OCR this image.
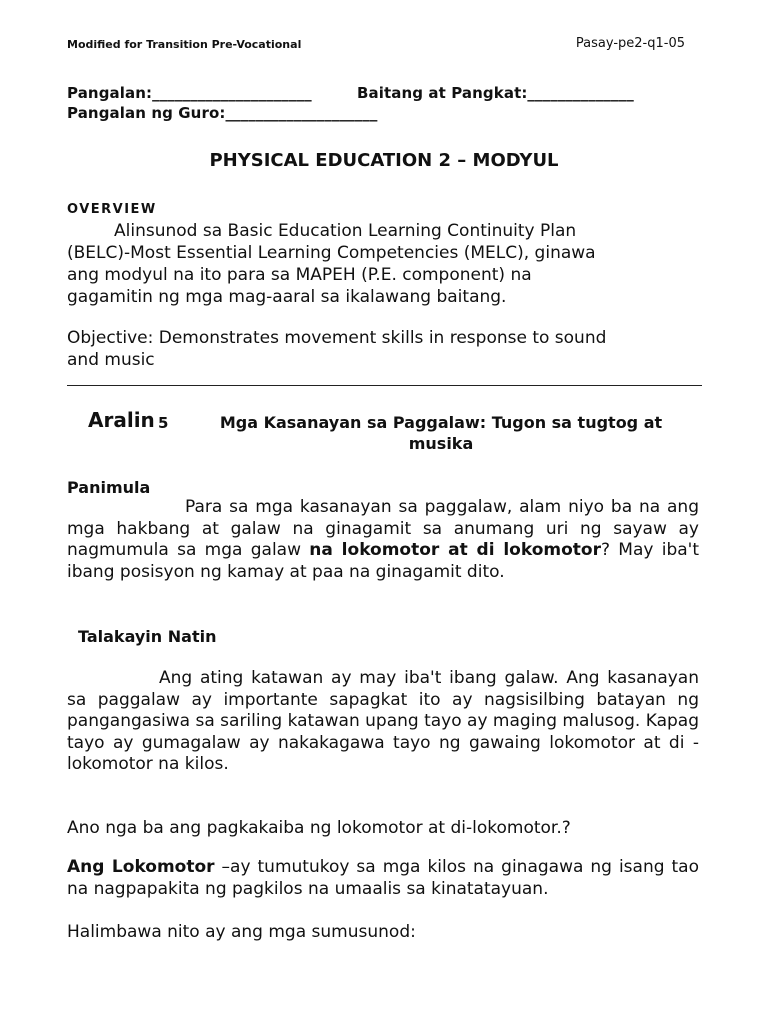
Modified for Transition Pre-Vocational	Pasay-pe2-q1-05
Pangalan:_____________________	Baitang at Pangkat:______________
Pangalan ng Guro:____________________
PHYSICAL EDUCATION 2 – MODYUL
OVERVIEW
Alinsunod sa Basic Education Learning Continuity Plan
(BELC)-Most Essential Learning Competencies (MELC), ginawa
ang modyul na ito para sa MAPEH (P.E. component) na
gagamitin ng mga mag-aaral sa ikalawang baitang.
Objective: Demonstrates movement skills in response to sound
and music
Aralin 5	Mga Kasanayan sa Paggalaw: Tugon sa tugtog at musika
Panimula
Para sa mga kasanayan sa paggalaw, alam niyo ba na ang mga hakbang at galaw na ginagamit sa anumang uri ng sayaw ay nagmumula sa mga galaw na lokomotor at di lokomotor? May iba't ibang posisyon ng kamay at paa na ginagamit dito.
Talakayin Natin
Ang ating katawan ay may iba't ibang galaw. Ang kasanayan sa paggalaw ay importante sapagkat ito ay nagsisilbing batayan ng pangangasiwa sa sariling katawan upang tayo ay maging malusog. Kapag tayo ay gumagalaw ay nakakagawa tayo ng gawaing lokomotor at di -lokomotor na kilos.
Ano nga ba ang pagkakaiba ng lokomotor at di-lokomotor.?
Ang Lokomotor –ay tumutukoy sa mga kilos na ginagawa ng isang tao na nagpapakita ng pagkilos na umaalis sa kinatatayuan.
Halimbawa nito ay ang mga sumusunod:
